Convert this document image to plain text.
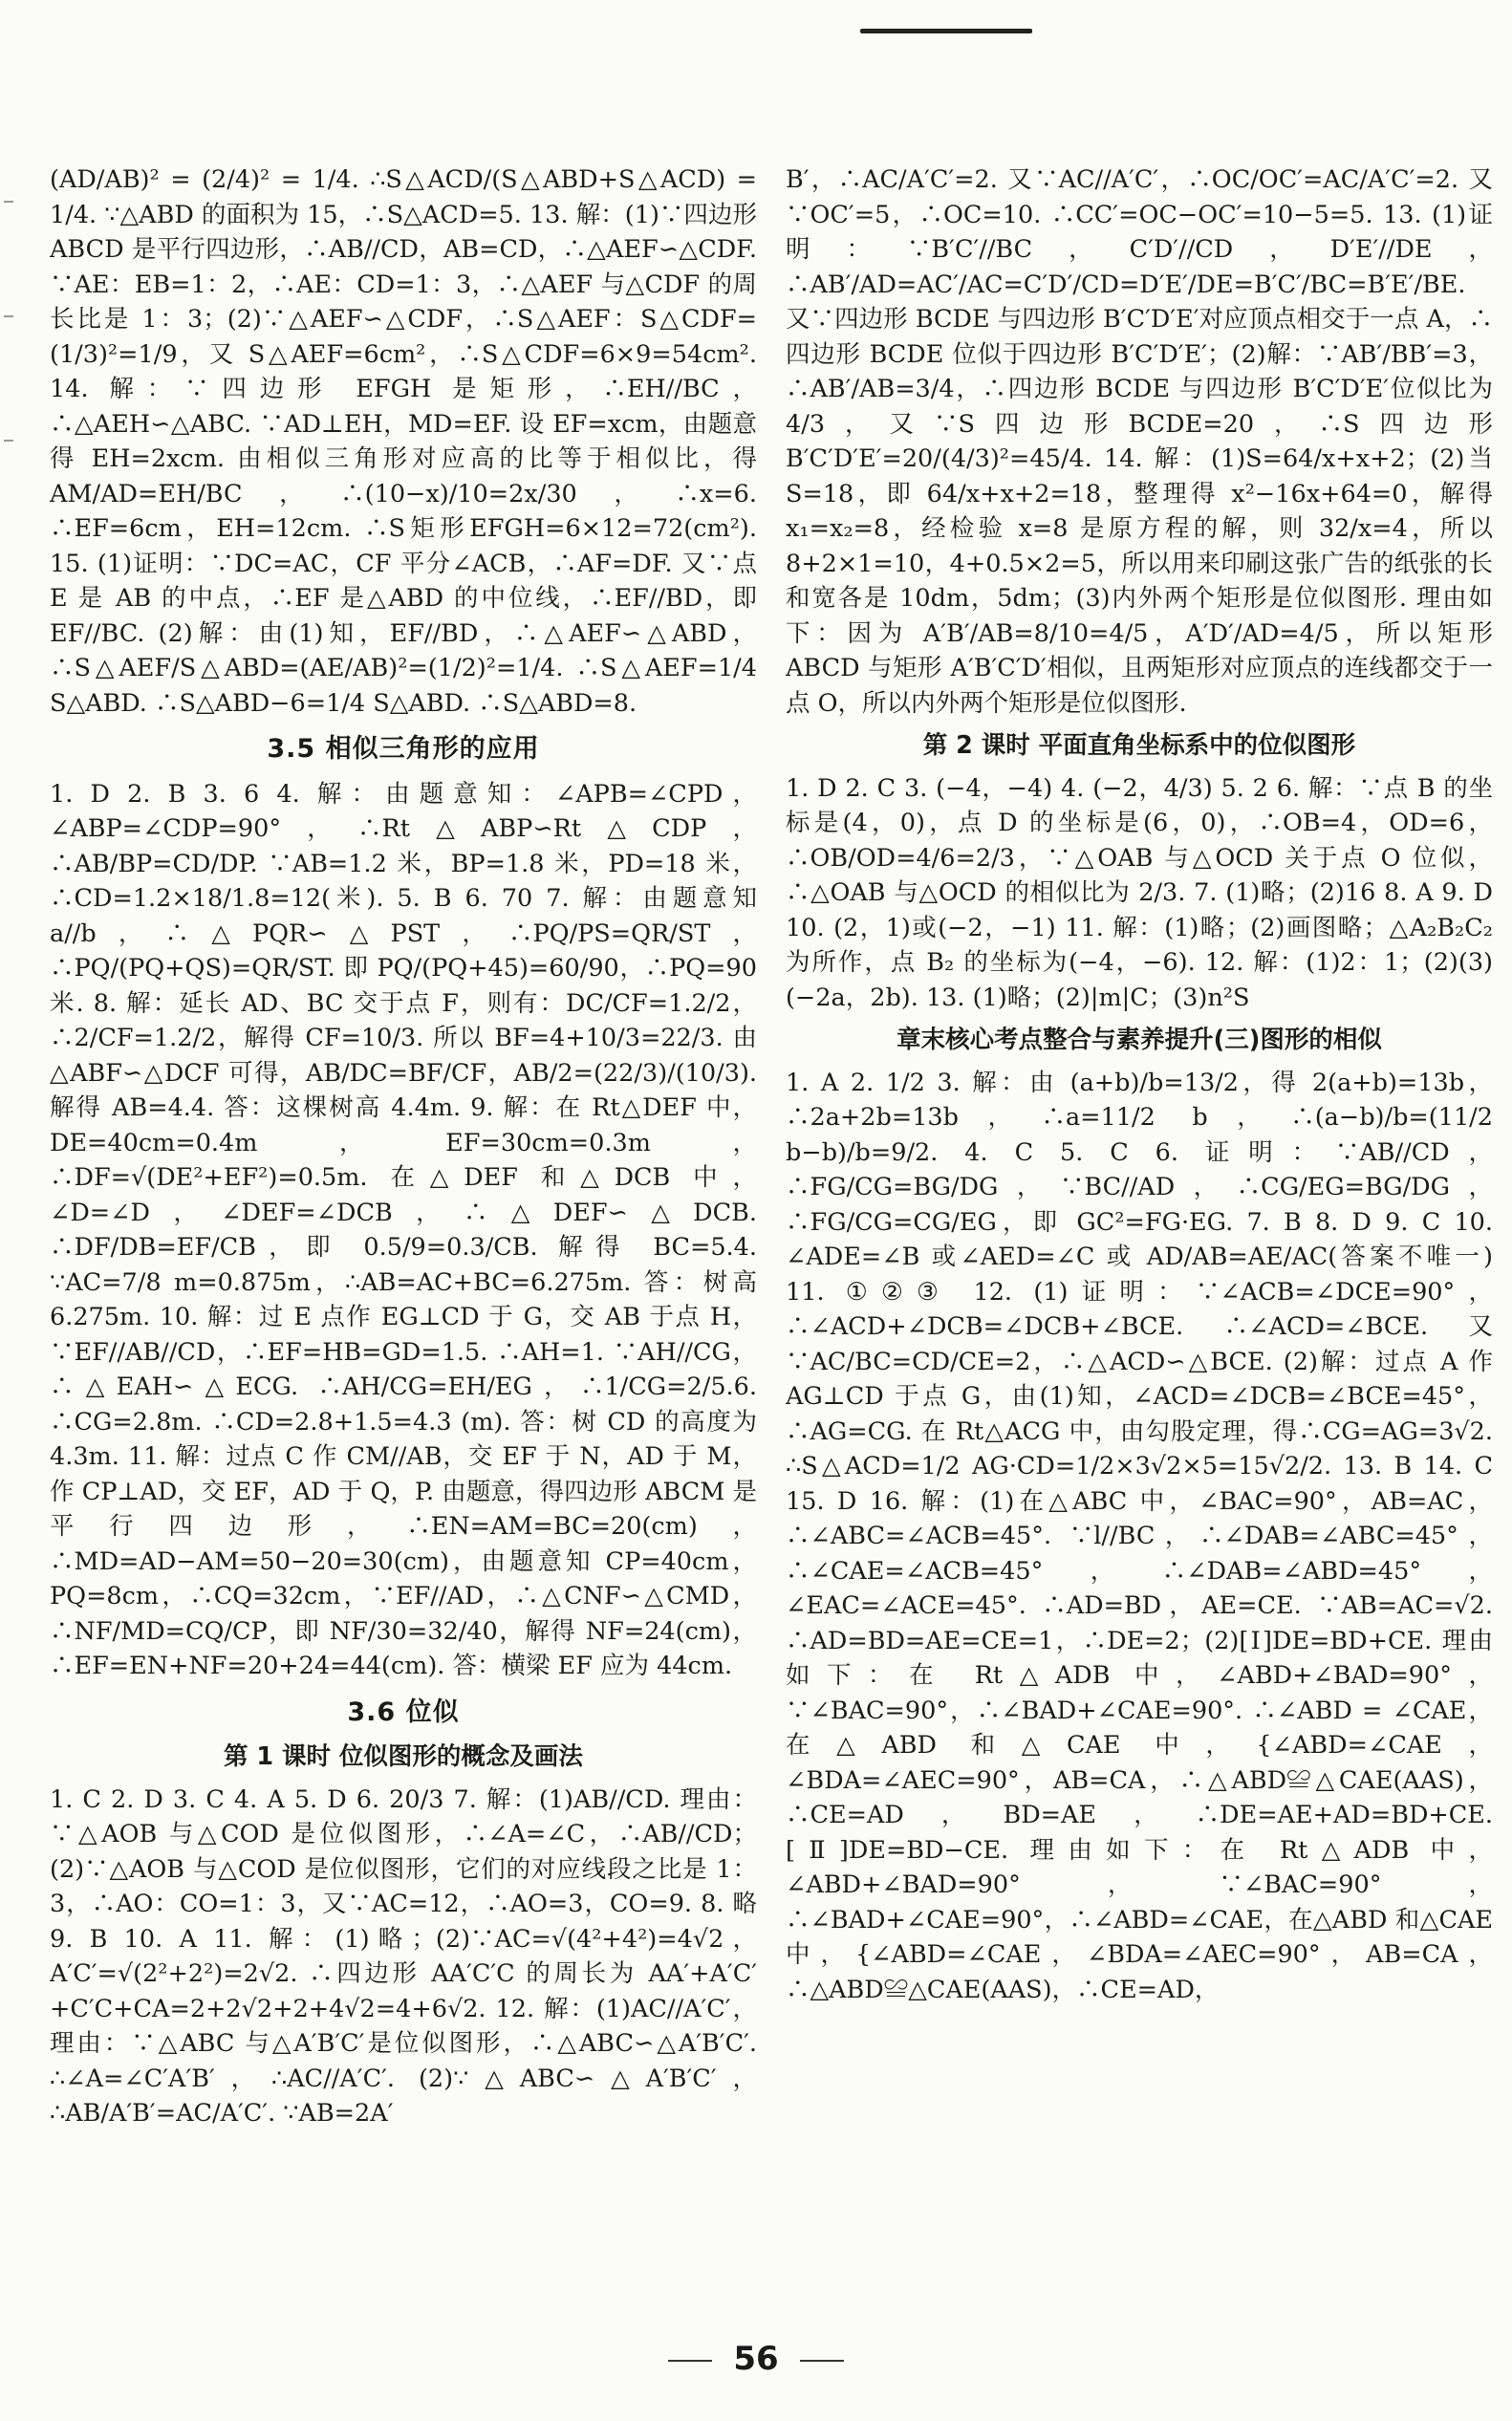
(AD/AB)² = (2/4)² = 1/4. ∴S△ACD/(S△ABD+S△ACD) = 1/4. ∵△ABD 的面积为 15，∴S△ACD=5. 13. 解：(1)∵四边形 ABCD 是平行四边形，∴AB//CD，AB=CD，∴△AEF∽△CDF. ∵AE：EB=1：2，∴AE：CD=1：3，∴△AEF 与△CDF 的周长比是 1：3；(2)∵△AEF∽△CDF，∴S△AEF：S△CDF=(1/3)²=1/9，又 S△AEF=6cm²，∴S△CDF=6×9=54cm². 14. 解：∵四边形 EFGH 是矩形，∴EH//BC，∴△AEH∽△ABC. ∵AD⊥EH，MD=EF. 设 EF=xcm，由题意得 EH=2xcm. 由相似三角形对应高的比等于相似比，得 AM/AD=EH/BC，∴(10−x)/10=2x/30，∴x=6. ∴EF=6cm，EH=12cm. ∴S矩形EFGH=6×12=72(cm²). 15. (1)证明：∵DC=AC，CF 平分∠ACB，∴AF=DF. 又∵点 E 是 AB 的中点，∴EF 是△ABD 的中位线，∴EF//BD，即 EF//BC. (2)解：由(1)知，EF//BD，∴△AEF∽△ABD，∴S△AEF/S△ABD=(AE/AB)²=(1/2)²=1/4. ∴S△AEF=1/4 S△ABD. ∴S△ABD−6=1/4 S△ABD. ∴S△ABD=8.

3.5 相似三角形的应用

1. D 2. B 3. 6 4. 解：由题意知：∠APB=∠CPD，∠ABP=∠CDP=90°，∴Rt△ABP∽Rt△CDP，∴AB/BP=CD/DP. ∵AB=1.2 米，BP=1.8 米，PD=18 米，∴CD=1.2×18/1.8=12(米). 5. B 6. 70 7. 解：由题意知 a//b，∴△PQR∽△PST，∴PQ/PS=QR/ST，∴PQ/(PQ+QS)=QR/ST. 即 PQ/(PQ+45)=60/90，∴PQ=90 米. 8. 解：延长 AD、BC 交于点 F，则有：DC/CF=1.2/2，∴2/CF=1.2/2，解得 CF=10/3. 所以 BF=4+10/3=22/3. 由△ABF∽△DCF 可得，AB/DC=BF/CF，AB/2=(22/3)/(10/3). 解得 AB=4.4. 答：这棵树高 4.4m. 9. 解：在 Rt△DEF 中，DE=40cm=0.4m，EF=30cm=0.3m，∴DF=√(DE²+EF²)=0.5m. 在△DEF 和△DCB 中，∠D=∠D，∠DEF=∠DCB，∴△DEF∽△DCB. ∴DF/DB=EF/CB，即 0.5/9=0.3/CB. 解得 BC=5.4. ∵AC=7/8 m=0.875m，∴AB=AC+BC=6.275m. 答：树高 6.275m. 10. 解：过 E 点作 EG⊥CD 于 G，交 AB 于点 H，∵EF//AB//CD，∴EF=HB=GD=1.5. ∴AH=1. ∵AH//CG，∴△EAH∽△ECG. ∴AH/CG=EH/EG，∴1/CG=2/5.6. ∴CG=2.8m. ∴CD=2.8+1.5=4.3 (m). 答：树 CD 的高度为 4.3m. 11. 解：过点 C 作 CM//AB，交 EF 于 N，AD 于 M，作 CP⊥AD，交 EF，AD 于 Q，P. 由题意，得四边形 ABCM 是平行四边形，∴EN=AM=BC=20(cm)，∴MD=AD−AM=50−20=30(cm)，由题意知 CP=40cm，PQ=8cm，∴CQ=32cm，∵EF//AD，∴△CNF∽△CMD，∴NF/MD=CQ/CP，即 NF/30=32/40，解得 NF=24(cm)，∴EF=EN+NF=20+24=44(cm). 答：横梁 EF 应为 44cm.

3.6 位似
第 1 课时 位似图形的概念及画法

1. C 2. D 3. C 4. A 5. D 6. 20/3 7. 解：(1)AB//CD. 理由：∵△AOB 与△COD 是位似图形，∴∠A=∠C，∴AB//CD；(2)∵△AOB 与△COD 是位似图形，它们的对应线段之比是 1：3，∴AO：CO=1：3，又∵AC=12，∴AO=3，CO=9. 8. 略 9. B 10. A 11. 解：(1)略；(2)∵AC=√(4²+4²)=4√2，A′C′=√(2²+2²)=2√2. ∴四边形 AA′C′C 的周长为 AA′+A′C′+C′C+CA=2+2√2+2+4√2=4+6√2. 12. 解：(1)AC//A′C′，理由：∵△ABC 与△A′B′C′是位似图形，∴△ABC∽△A′B′C′. ∴∠A=∠C′A′B′，∴AC//A′C′. (2)∵△ABC∽△A′B′C′，∴AB/A′B′=AC/A′C′. ∵AB=2A′

B′，∴AC/A′C′=2. 又∵AC//A′C′，∴OC/OC′=AC/A′C′=2. 又∵OC′=5，∴OC=10. ∴CC′=OC−OC′=10−5=5. 13. (1)证明：∵B′C′//BC，C′D′//CD，D′E′//DE，∴AB′/AD=AC′/AC=C′D′/CD=D′E′/DE=B′C′/BC=B′E′/BE. 又∵四边形 BCDE 与四边形 B′C′D′E′对应顶点相交于一点 A，∴四边形 BCDE 位似于四边形 B′C′D′E′；(2)解：∵AB′/BB′=3，∴AB′/AB=3/4，∴四边形 BCDE 与四边形 B′C′D′E′位似比为 4/3，又∵S四边形BCDE=20，∴S四边形B′C′D′E′=20/(4/3)²=45/4. 14. 解：(1)S=64/x+x+2；(2)当 S=18，即 64/x+x+2=18，整理得 x²−16x+64=0，解得 x₁=x₂=8，经检验 x=8 是原方程的解，则 32/x=4，所以 8+2×1=10，4+0.5×2=5，所以用来印刷这张广告的纸张的长和宽各是 10dm，5dm；(3)内外两个矩形是位似图形. 理由如下：因为 A′B′/AB=8/10=4/5，A′D′/AD=4/5，所以矩形 ABCD 与矩形 A′B′C′D′相似，且两矩形对应顶点的连线都交于一点 O，所以内外两个矩形是位似图形.

第 2 课时 平面直角坐标系中的位似图形

1. D 2. C 3. (−4，−4) 4. (−2，4/3) 5. 2 6. 解：∵点 B 的坐标是(4，0)，点 D 的坐标是(6，0)，∴OB=4，OD=6，∴OB/OD=4/6=2/3，∵△OAB 与△OCD 关于点 O 位似，∴△OAB 与△OCD 的相似比为 2/3. 7. (1)略；(2)16 8. A 9. D 10. (2，1)或(−2，−1) 11. 解：(1)略；(2)画图略；△A₂B₂C₂ 为所作，点 B₂ 的坐标为(−4，−6). 12. 解：(1)2：1；(2)(3)(−2a，2b). 13. (1)略；(2)|m|C；(3)n²S

章末核心考点整合与素养提升(三)图形的相似

1. A 2. 1/2 3. 解：由 (a+b)/b=13/2，得 2(a+b)=13b，∴2a+2b=13b，∴a=11/2 b，∴(a−b)/b=(11/2 b−b)/b=9/2. 4. C 5. C 6. 证明：∵AB//CD，∴FG/CG=BG/DG，∵BC//AD，∴CG/EG=BG/DG，∴FG/CG=CG/EG，即 GC²=FG·EG. 7. B 8. D 9. C 10. ∠ADE=∠B 或∠AED=∠C 或 AD/AB=AE/AC(答案不唯一) 11. ①②③ 12. (1)证明：∵∠ACB=∠DCE=90°，∴∠ACD+∠DCB=∠DCB+∠BCE. ∴∠ACD=∠BCE. 又∵AC/BC=CD/CE=2，∴△ACD∽△BCE. (2)解：过点 A 作 AG⊥CD 于点 G，由(1)知，∠ACD=∠DCB=∠BCE=45°，∴AG=CG. 在 Rt△ACG 中，由勾股定理，得∴CG=AG=3√2. ∴S△ACD=1/2 AG·CD=1/2×3√2×5=15√2/2. 13. B 14. C 15. D 16. 解：(1)在△ABC 中，∠BAC=90°，AB=AC，∴∠ABC=∠ACB=45°. ∵l//BC，∴∠DAB=∠ABC=45°，∴∠CAE=∠ACB=45°，∴∠DAB=∠ABD=45°，∠EAC=∠ACE=45°. ∴AD=BD，AE=CE. ∵AB=AC=√2. ∴AD=BD=AE=CE=1，∴DE=2；(2)[Ⅰ]DE=BD+CE. 理由如下：在 Rt△ADB 中，∠ABD+∠BAD=90°，∵∠BAC=90°，∴∠BAD+∠CAE=90°. ∴∠ABD = ∠CAE，在△ABD 和△CAE 中，{∠ABD=∠CAE，∠BDA=∠AEC=90°，AB=CA，∴△ABD≌△CAE(AAS)，∴CE=AD，BD=AE，∴DE=AE+AD=BD+CE. [Ⅱ]DE=BD−CE. 理由如下：在 Rt△ADB 中，∠ABD+∠BAD=90°，∵∠BAC=90°，∴∠BAD+∠CAE=90°，∴∠ABD=∠CAE，在△ABD 和△CAE 中，{∠ABD=∠CAE，∠BDA=∠AEC=90°，AB=CA，∴△ABD≌△CAE(AAS)，∴CE=AD，

56
